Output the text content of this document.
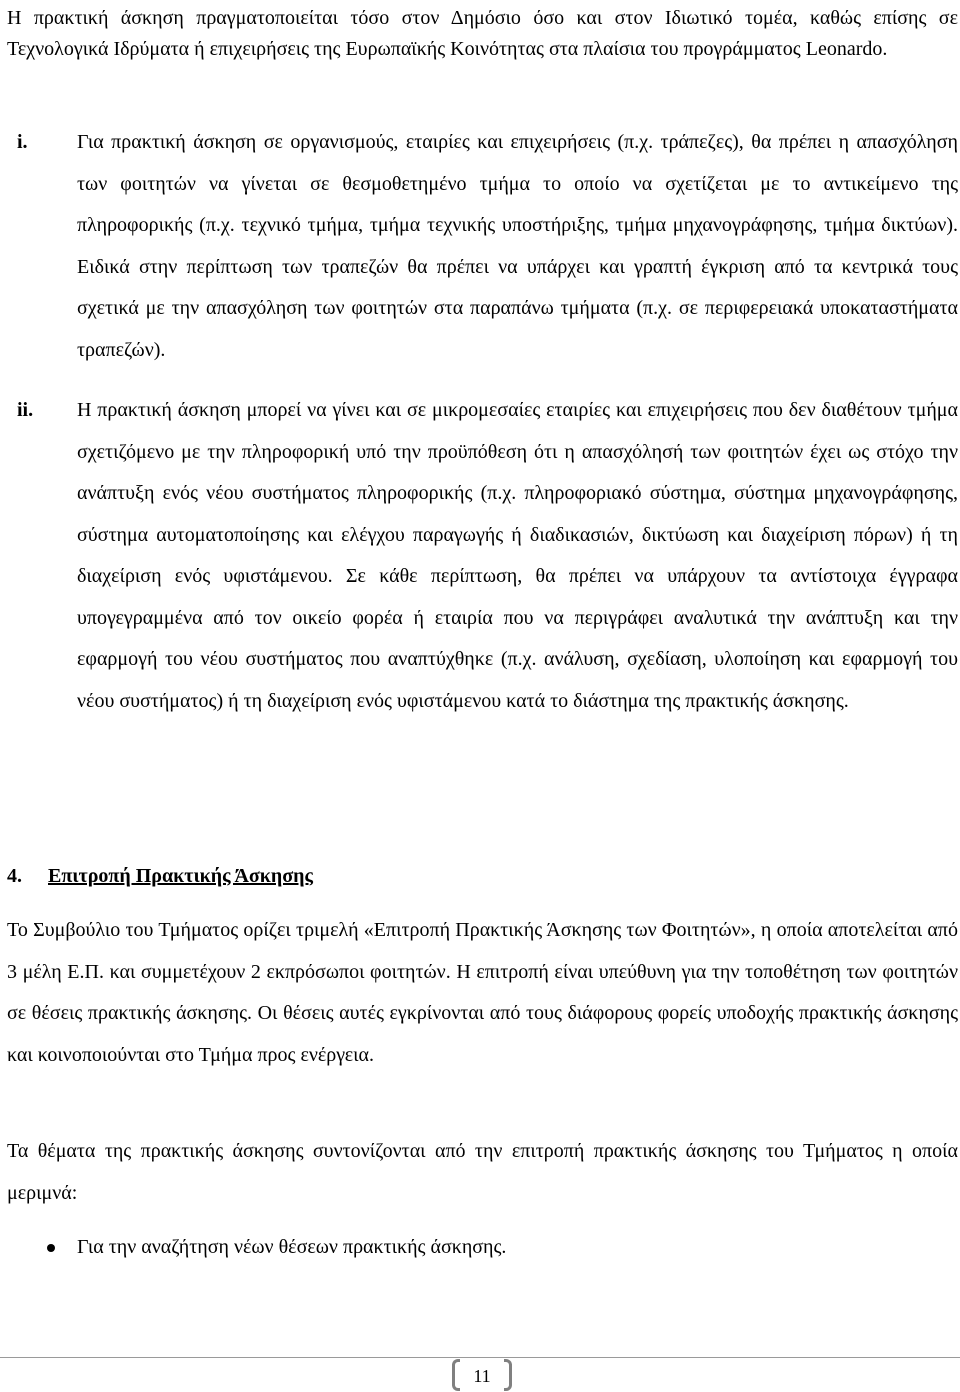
Η πρακτική άσκηση πραγματοποιείται τόσο στον Δημόσιο όσο και στον Ιδιωτικό τομέα, καθώς επίσης σε Τεχνολογικά Ιδρύματα ή επιχειρήσεις της Ευρωπαϊκής Κοινότητας στα πλαίσια του προγράμματος Leonardo.

i. Για πρακτική άσκηση σε οργανισμούς, εταιρίες και επιχειρήσεις (π.χ. τράπεζες), θα πρέπει η απασχόληση των φοιτητών να γίνεται σε θεσμοθετημένο τμήμα το οποίο να σχετίζεται με το αντικείμενο της πληροφορικής (π.χ. τεχνικό τμήμα, τμήμα τεχνικής υποστήριξης, τμήμα μηχανογράφησης, τμήμα δικτύων). Ειδικά στην περίπτωση των τραπεζών θα πρέπει να υπάρχει και γραπτή έγκριση από τα κεντρικά τους σχετικά με την απασχόληση των φοιτητών στα παραπάνω τμήματα (π.χ. σε περιφερειακά υποκαταστήματα τραπεζών).

ii. Η πρακτική άσκηση μπορεί να γίνει και σε μικρομεσαίες εταιρίες και επιχειρήσεις που δεν διαθέτουν τμήμα σχετιζόμενο με την πληροφορική υπό την προϋπόθεση ότι η απασχόλησή των φοιτητών έχει ως στόχο την ανάπτυξη ενός νέου συστήματος πληροφορικής (π.χ. πληροφοριακό σύστημα, σύστημα μηχανογράφησης, σύστημα αυτοματοποίησης και ελέγχου παραγωγής ή διαδικασιών, δικτύωση και διαχείριση πόρων) ή τη διαχείριση ενός υφιστάμενου. Σε κάθε περίπτωση, θα πρέπει να υπάρχουν τα αντίστοιχα έγγραφα υπογεγραμμένα από τον οικείο φορέα ή εταιρία που να περιγράφει αναλυτικά την ανάπτυξη και την εφαρμογή του νέου συστήματος που αναπτύχθηκε (π.χ. ανάλυση, σχεδίαση, υλοποίηση και εφαρμογή του νέου συστήματος) ή τη διαχείριση ενός υφιστάμενου κατά το διάστημα της πρακτικής άσκησης.

4. Επιτροπή Πρακτικής Άσκησης

Το Συμβούλιο του Τμήματος ορίζει τριμελή «Επιτροπή Πρακτικής Άσκησης των Φοιτητών», η οποία αποτελείται από 3 μέλη Ε.Π. και συμμετέχουν 2 εκπρόσωποι φοιτητών. Η επιτροπή είναι υπεύθυνη για την τοποθέτηση των φοιτητών σε θέσεις πρακτικής άσκησης. Οι θέσεις αυτές εγκρίνονται από τους διάφορους φορείς υποδοχής πρακτικής άσκησης και κοινοποιούνται στο Τμήμα προς ενέργεια.

Τα θέματα της πρακτικής άσκησης συντονίζονται από την επιτροπή πρακτικής άσκησης του Τμήματος η οποία μεριμνά:

Για την αναζήτηση νέων θέσεων πρακτικής άσκησης.
11
